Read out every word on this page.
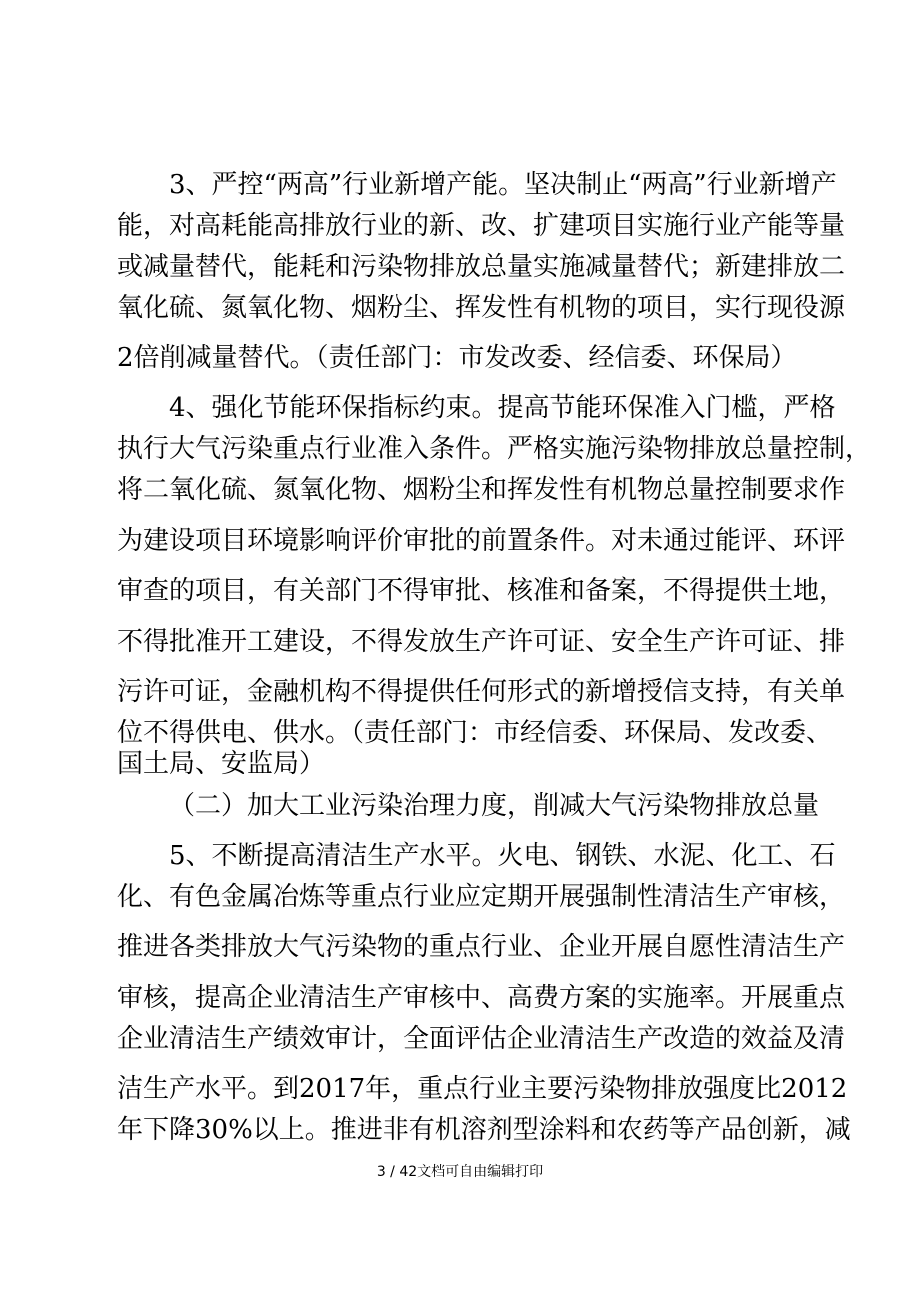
3、严控“两高”行业新增产能。坚决制止“两高”行业新增产
能，对高耗能高排放行业的新、改、扩建项目实施行业产能等量
或减量替代，能耗和污染物排放总量实施减量替代；新建排放二
氧化硫、氮氧化物、烟粉尘、挥发性有机物的项目，实行现役源
2倍削减量替代。（责任部门：市发改委、经信委、环保局）
4、强化节能环保指标约束。提高节能环保准入门槛，严格
执行大气污染重点行业准入条件。严格实施污染物排放总量控制，
将二氧化硫、氮氧化物、烟粉尘和挥发性有机物总量控制要求作
为建设项目环境影响评价审批的前置条件。对未通过能评、环评
审查的项目，有关部门不得审批、核准和备案，不得提供土地，
不得批准开工建设，不得发放生产许可证、安全生产许可证、排
污许可证，金融机构不得提供任何形式的新增授信支持，有关单
位不得供电、供水。（责任部门：市经信委、环保局、发改委、
国土局、安监局）
（二）加大工业污染治理力度，削减大气污染物排放总量
5、不断提高清洁生产水平。火电、钢铁、水泥、化工、石
化、有色金属冶炼等重点行业应定期开展强制性清洁生产审核，
推进各类排放大气污染物的重点行业、企业开展自愿性清洁生产
审核，提高企业清洁生产审核中、高费方案的实施率。开展重点
企业清洁生产绩效审计，全面评估企业清洁生产改造的效益及清
洁生产水平。到2017年，重点行业主要污染物排放强度比2012
年下降30%以上。推进非有机溶剂型涂料和农药等产品创新，减
3 / 42文档可自由编辑打印
